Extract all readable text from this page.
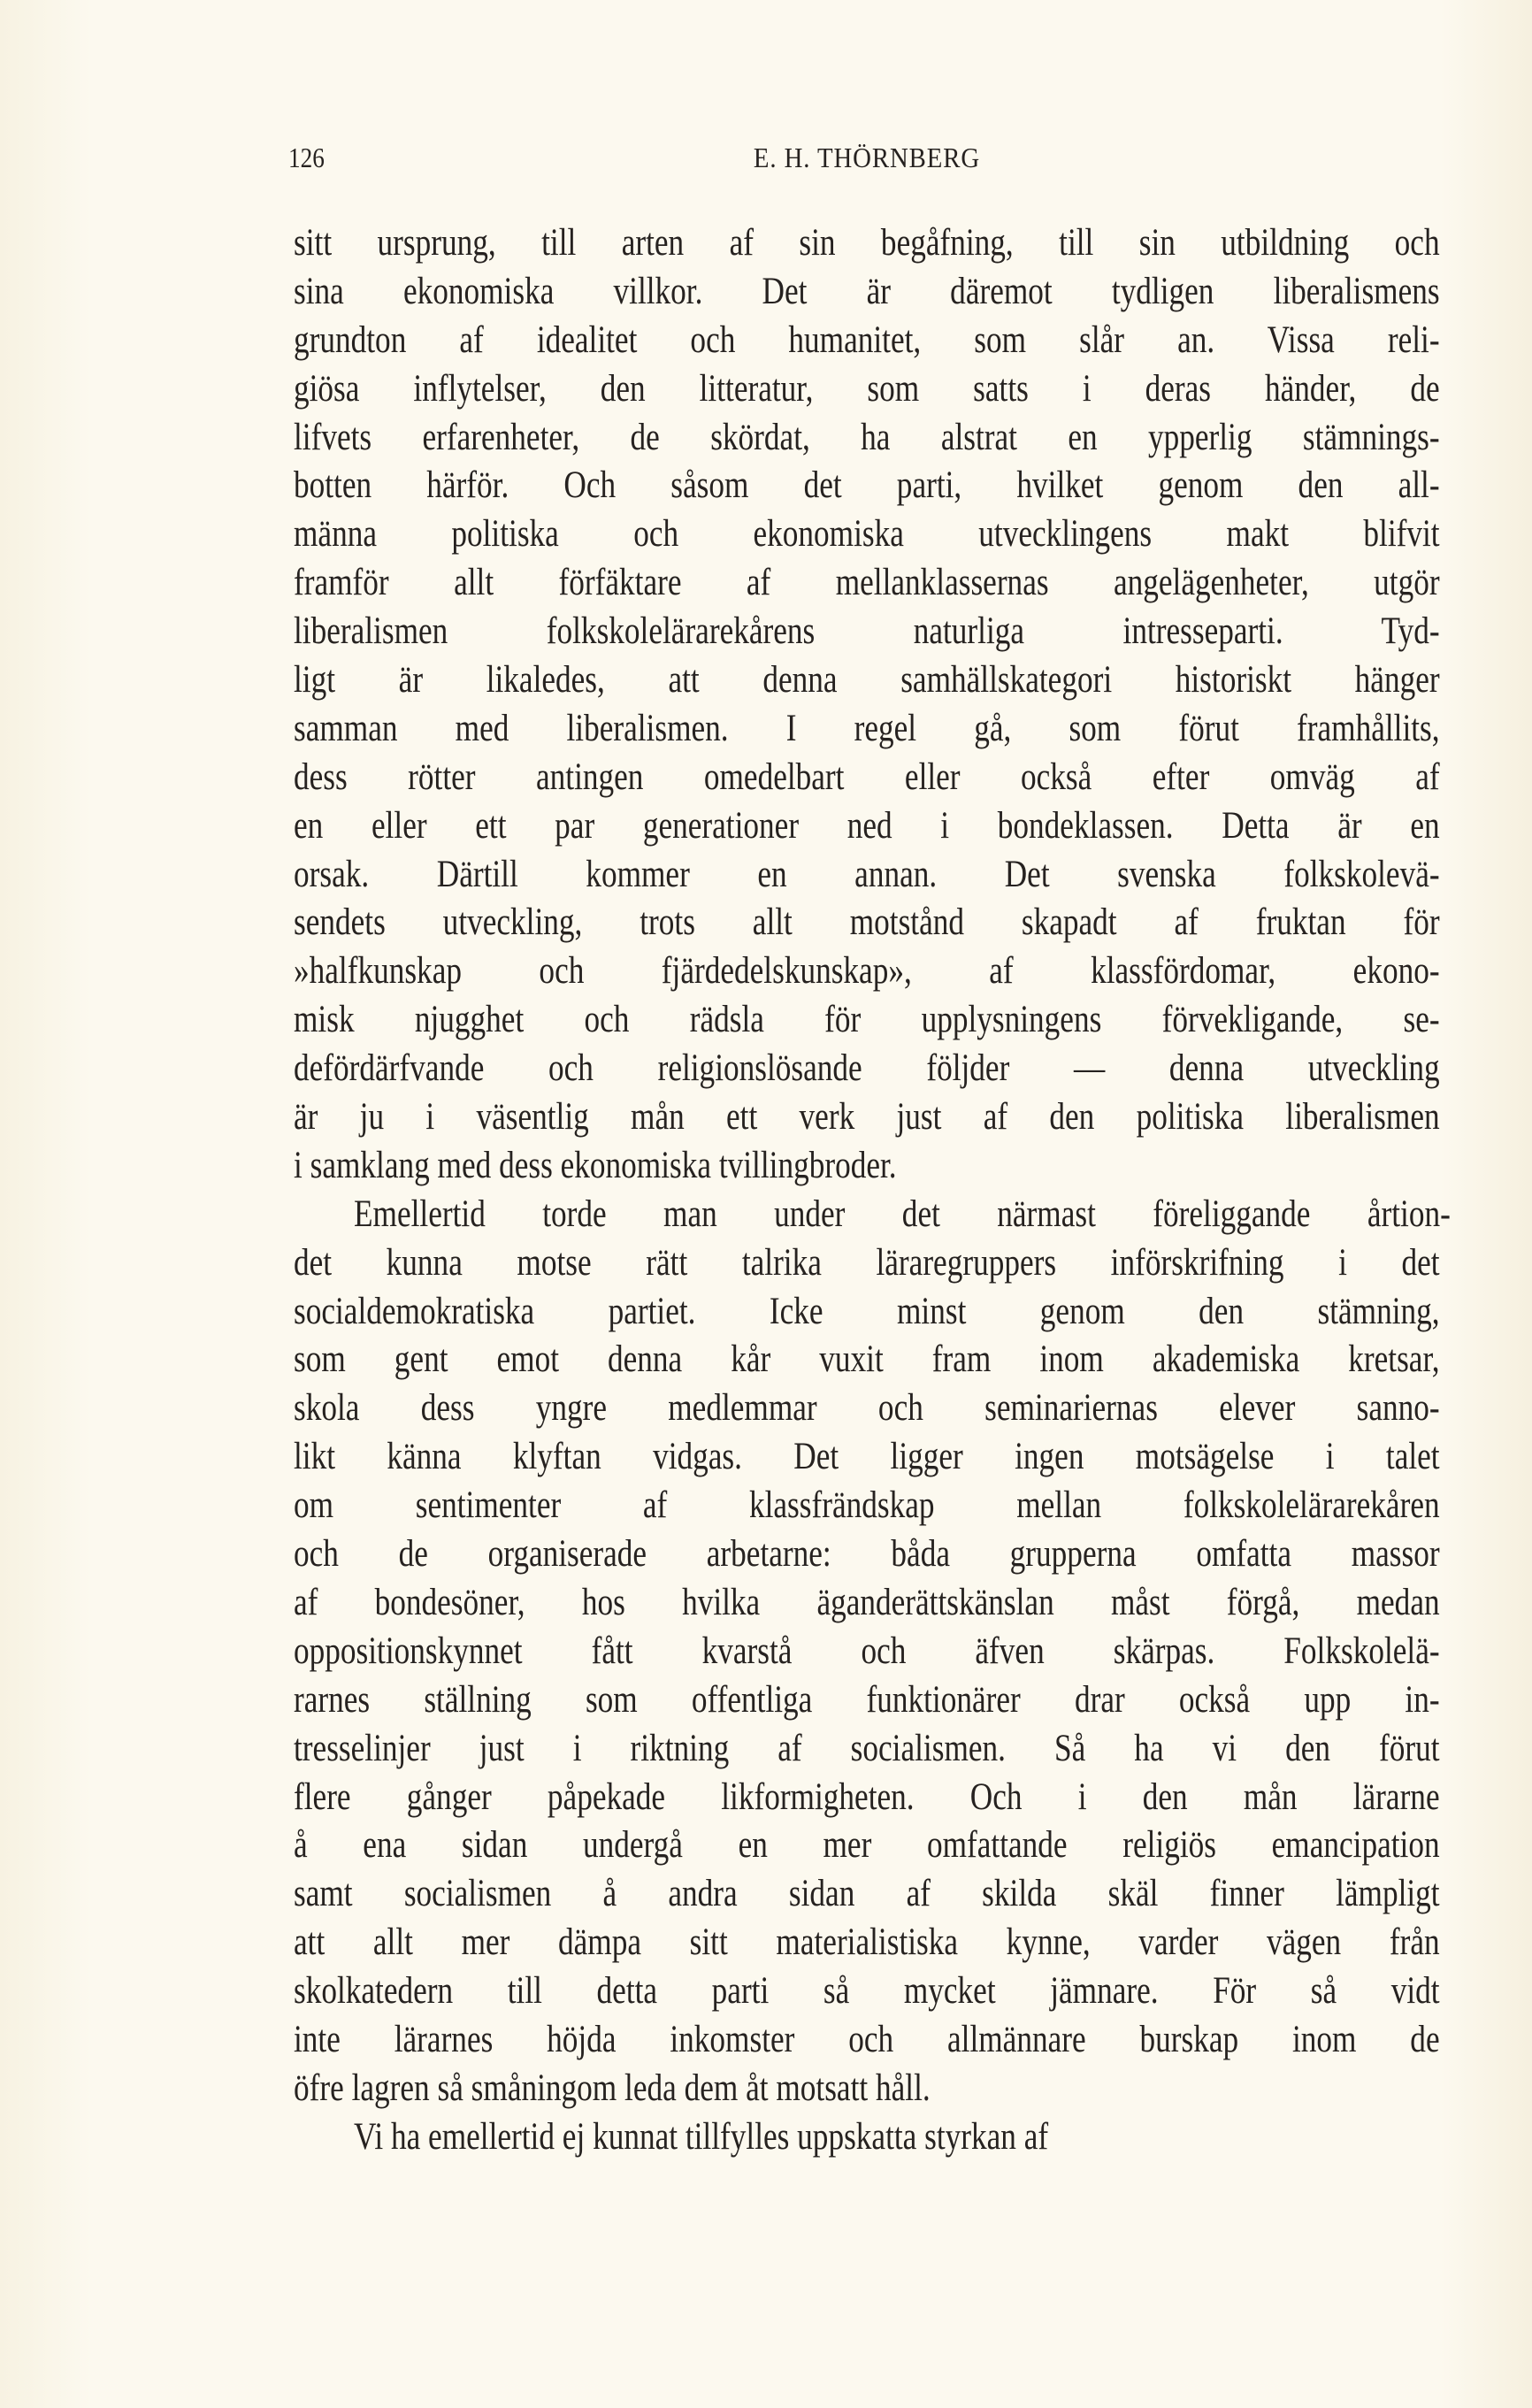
126	E. H. THÖRNBERG
sitt ursprung, till arten af sin begåfning, till sin utbildning och
sina ekonomiska villkor. Det är däremot tydligen liberalismens
grundton af idealitet och humanitet, som slår an. Vissa reli-
giösa inflytelser, den litteratur, som satts i deras händer, de
lifvets erfarenheter, de skördat, ha alstrat en ypperlig stämnings-
botten härför. Och såsom det parti, hvilket genom den all-
männa politiska och ekonomiska utvecklingens makt blifvit
framför allt förfäktare af mellanklassernas angelägenheter, utgör
liberalismen folkskolelärarekårens naturliga intresseparti. Tyd-
ligt är likaledes, att denna samhällskategori historiskt hänger
samman med liberalismen. I regel gå, som förut framhållits,
dess rötter antingen omedelbart eller också efter omväg af
en eller ett par generationer ned i bondeklassen. Detta är en
orsak. Därtill kommer en annan. Det svenska folkskolevä-
sendets utveckling, trots allt motstånd skapadt af fruktan för
»halfkunskap och fjärdedelskunskap», af klassfördomar, ekono-
misk njugghet och rädsla för upplysningens förvekligande, se-
defördärfvande och religionslösande följder — denna utveckling
är ju i väsentlig mån ett verk just af den politiska liberalismen
i samklang med dess ekonomiska tvillingbroder.
Emellertid torde man under det närmast föreliggande årtion-
det kunna motse rätt talrika läraregruppers införskrifning i det
socialdemokratiska partiet. Icke minst genom den stämning,
som gent emot denna kår vuxit fram inom akademiska kretsar,
skola dess yngre medlemmar och seminariernas elever sanno-
likt känna klyftan vidgas. Det ligger ingen motsägelse i talet
om sentimenter af klassfrändskap mellan folkskolelärarekåren
och de organiserade arbetarne: båda grupperna omfatta massor
af bondesöner, hos hvilka äganderättskänslan måst förgå, medan
oppositionskynnet fått kvarstå och äfven skärpas. Folkskolelä-
rarnes ställning som offentliga funktionärer drar också upp in-
tresselinjer just i riktning af socialismen. Så ha vi den förut
flere gånger påpekade likformigheten. Och i den mån lärarne
å ena sidan undergå en mer omfattande religiös emancipation
samt socialismen å andra sidan af skilda skäl finner lämpligt
att allt mer dämpa sitt materialistiska kynne, varder vägen från
skolkatedern till detta parti så mycket jämnare. För så vidt
inte lärarnes höjda inkomster och allmännare burskap inom de
öfre lagren så småningom leda dem åt motsatt håll.
Vi ha emellertid ej kunnat tillfylles uppskatta styrkan af
